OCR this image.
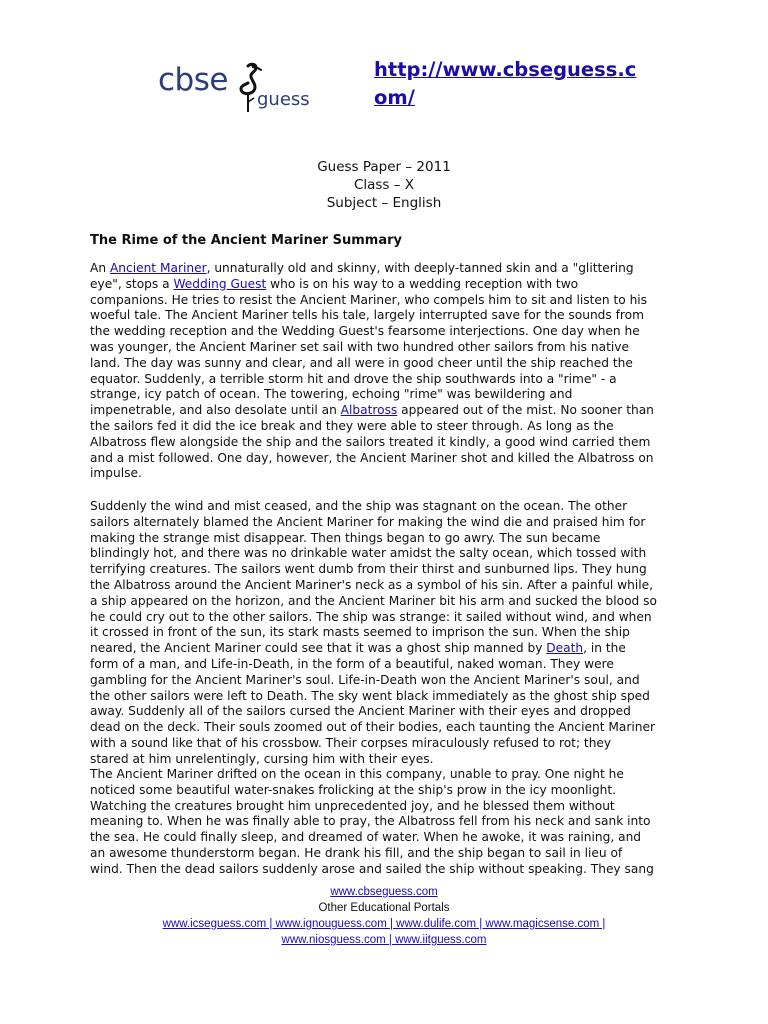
cbse
guess
http://www.cbseguess.c
om/
Guess Paper – 2011
Class – X
Subject – English
The Rime of the Ancient Mariner Summary
An Ancient Mariner, unnaturally old and skinny, with deeply-tanned skin and a "glittering
eye", stops a Wedding Guest who is on his way to a wedding reception with two
companions. He tries to resist the Ancient Mariner, who compels him to sit and listen to his
woeful tale. The Ancient Mariner tells his tale, largely interrupted save for the sounds from
the wedding reception and the Wedding Guest's fearsome interjections. One day when he
was younger, the Ancient Mariner set sail with two hundred other sailors from his native
land. The day was sunny and clear, and all were in good cheer until the ship reached the
equator. Suddenly, a terrible storm hit and drove the ship southwards into a "rime" - a
strange, icy patch of ocean. The towering, echoing "rime" was bewildering and
impenetrable, and also desolate until an Albatross appeared out of the mist. No sooner than
the sailors fed it did the ice break and they were able to steer through. As long as the
Albatross flew alongside the ship and the sailors treated it kindly, a good wind carried them
and a mist followed. One day, however, the Ancient Mariner shot and killed the Albatross on
impulse.
Suddenly the wind and mist ceased, and the ship was stagnant on the ocean. The other
sailors alternately blamed the Ancient Mariner for making the wind die and praised him for
making the strange mist disappear. Then things began to go awry. The sun became
blindingly hot, and there was no drinkable water amidst the salty ocean, which tossed with
terrifying creatures. The sailors went dumb from their thirst and sunburned lips. They hung
the Albatross around the Ancient Mariner's neck as a symbol of his sin. After a painful while,
a ship appeared on the horizon, and the Ancient Mariner bit his arm and sucked the blood so
he could cry out to the other sailors. The ship was strange: it sailed without wind, and when
it crossed in front of the sun, its stark masts seemed to imprison the sun. When the ship
neared, the Ancient Mariner could see that it was a ghost ship manned by Death, in the
form of a man, and Life-in-Death, in the form of a beautiful, naked woman. They were
gambling for the Ancient Mariner's soul. Life-in-Death won the Ancient Mariner's soul, and
the other sailors were left to Death. The sky went black immediately as the ghost ship sped
away. Suddenly all of the sailors cursed the Ancient Mariner with their eyes and dropped
dead on the deck. Their souls zoomed out of their bodies, each taunting the Ancient Mariner
with a sound like that of his crossbow. Their corpses miraculously refused to rot; they
stared at him unrelentingly, cursing him with their eyes.
The Ancient Mariner drifted on the ocean in this company, unable to pray. One night he
noticed some beautiful water-snakes frolicking at the ship's prow in the icy moonlight.
Watching the creatures brought him unprecedented joy, and he blessed them without
meaning to. When he was finally able to pray, the Albatross fell from his neck and sank into
the sea. He could finally sleep, and dreamed of water. When he awoke, it was raining, and
an awesome thunderstorm began. He drank his fill, and the ship began to sail in lieu of
wind. Then the dead sailors suddenly arose and sailed the ship without speaking. They sang
www.cbseguess.com
Other Educational Portals
www.icseguess.com | www.ignouguess.com | www.dulife.com | www.magicsense.com |
www.niosguess.com | www.iitguess.com
